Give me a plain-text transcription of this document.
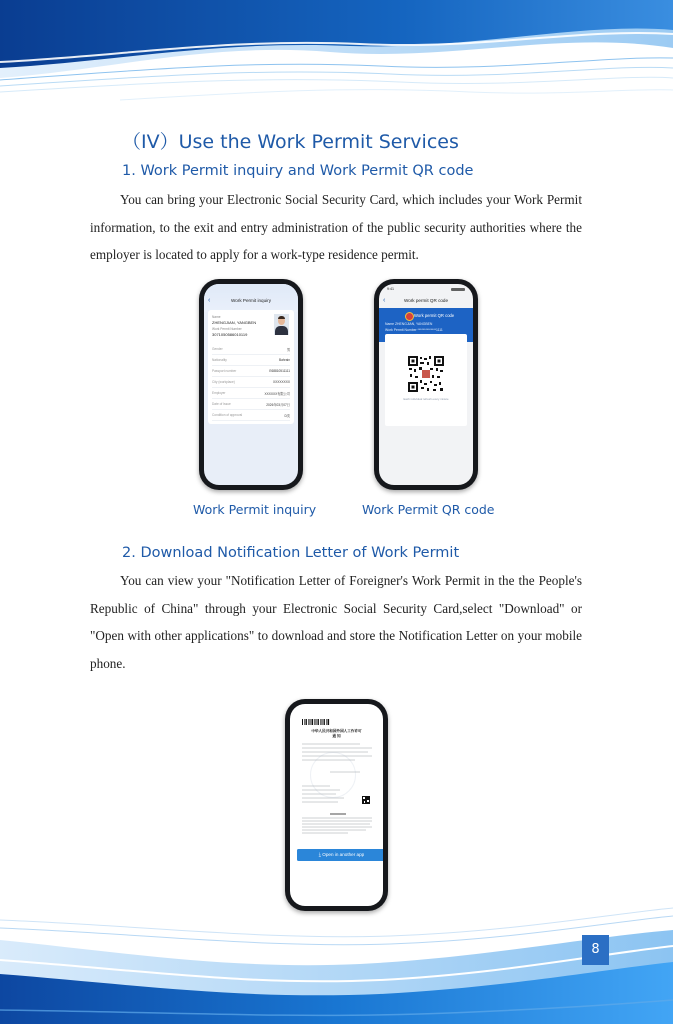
（IV）Use the Work Permit Services
1. Work Permit inquiry and Work Permit QR code
You can bring your Electronic Social Security Card, which includes your Work Permit information, to the exit and entry administration of the public security authorities where the employer is located to apply for a work-type residence permit.
‹	Work Permit inquiry
Name
ZHENGJIAN, YANGBEN
Work Permit Number
3071050586010119
Gender	男
Nationality	Bahrain
Passport number	E68810511111
City (workplace)	XXXXXXXX
Employer	XXXXXX有限公司
Date of Issue	2026年03月07日
Condition of approval	D类
9:41
‹	Work permit QR code
Work permit QR code
Name ZHENGJIAN, YANGBEN
Work Permit Number **************1111
Each individual refresh every minute
Work Permit inquiry	Work Permit QR code
2. Download Notification Letter of Work Permit
You can view your "Notification Letter of Foreigner's Work Permit in the the People's Republic of China" through your Electronic Social Security Card,select "Download" or "Open with other applications" to download and store the Notification Letter on your mobile phone.
中华人民共和国外国人工作许可
通 知
⤓ Open in another app
8
